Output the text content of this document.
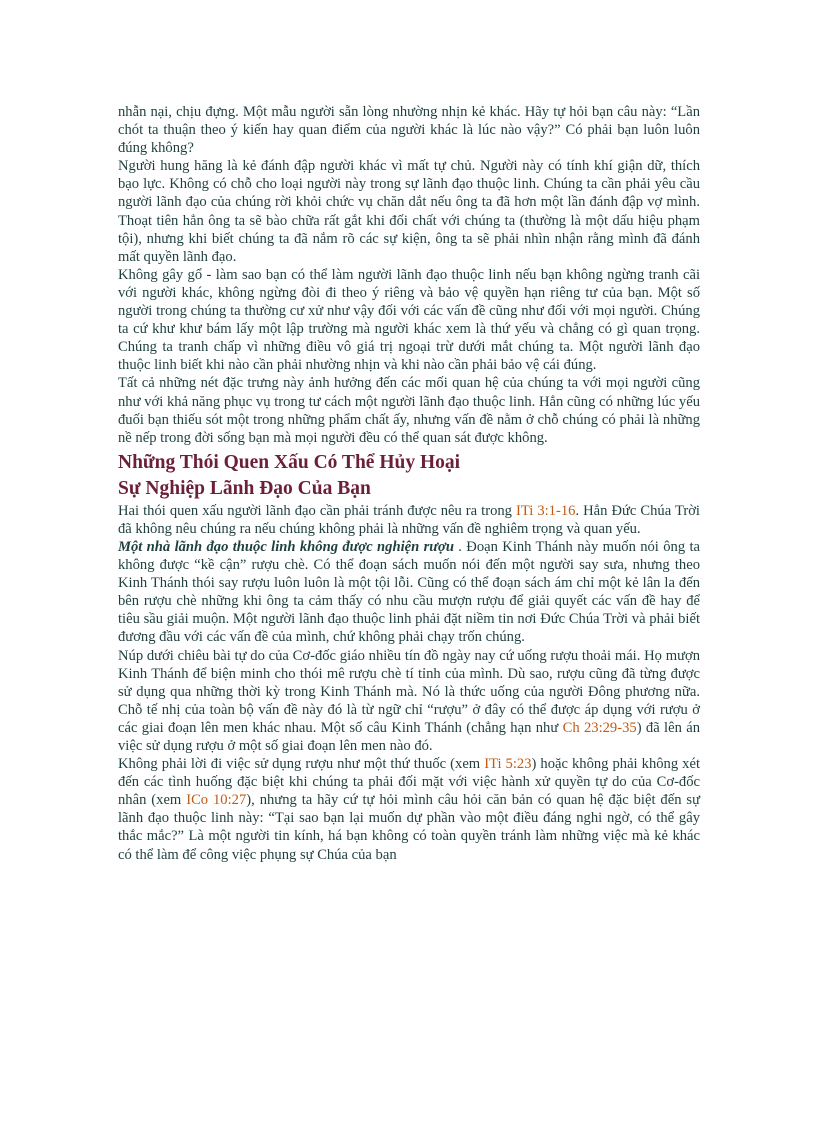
nhẫn nại, chịu đựng. Một mẫu người sẵn lòng nhường nhịn kẻ khác. Hãy tự hỏi bạn câu này: “Lần chót ta thuận theo ý kiến hay quan điểm của người khác là lúc nào vậy?” Có phải bạn luôn luôn đúng không?

Người hung hăng là kẻ đánh đập người khác vì mất tự chủ. Người này có tính khí giận dữ, thích bạo lực. Không có chỗ cho loại người này trong sự lãnh đạo thuộc linh. Chúng ta cần phải yêu cầu người lãnh đạo của chúng rời khỏi chức vụ chăn dắt nếu ông ta đã hơn một lần đánh đập vợ mình. Thoạt tiên hẳn ông ta sẽ bào chữa rất gắt khi đối chất với chúng ta (thường là một dấu hiệu phạm tội), nhưng khi biết chúng ta đã nắm rõ các sự kiện, ông ta sẽ phải nhìn nhận rằng mình đã đánh mất quyền lãnh đạo.

Không gây gổ - làm sao bạn có thể làm người lãnh đạo thuộc linh nếu bạn không ngừng tranh cãi với người khác, không ngừng đòi đi theo ý riêng và bảo vệ quyền hạn riêng tư của bạn. Một số người trong chúng ta thường cư xử như vậy đối với các vấn đề cũng như đối với mọi người. Chúng ta cứ khư khư bám lấy một lập trường mà người khác xem là thứ yếu và chẳng có gì quan trọng. Chúng ta tranh chấp vì những điều vô giá trị ngoại trừ dưới mắt chúng ta. Một người lãnh đạo thuộc linh biết khi nào cần phải nhường nhịn và khi nào cần phải bảo vệ cái đúng.

Tất cả những nét đặc trưng này ảnh hưởng đến các mối quan hệ của chúng ta với mọi người cũng như với khả năng phục vụ trong tư cách một người lãnh đạo thuộc linh. Hẳn cũng có những lúc yếu đuối bạn thiếu sót một trong những phẩm chất ấy, nhưng vấn đề nằm ở chỗ chúng có phải là những nề nếp trong đời sống bạn mà mọi người đều có thể quan sát được không.

Những Thói Quen Xấu Có Thể Hủy Hoại
Sự Nghiệp Lãnh Đạo Của Bạn

Hai thói quen xấu người lãnh đạo cần phải tránh được nêu ra trong ITi 3:1-16. Hẳn Đức Chúa Trời đã không nêu chúng ra nếu chúng không phải là những vấn đề nghiêm trọng và quan yếu.

Một nhà lãnh đạo thuộc linh không được nghiện rượu . Đoạn Kinh Thánh này muốn nói ông ta không được “kề cận” rượu chè. Có thể đoạn sách muốn nói đến một người say sưa, nhưng theo Kinh Thánh thói say rượu luôn luôn là một tội lỗi. Cũng có thể đoạn sách ám chỉ một kẻ lân la đến bên rượu chè những khi ông ta cảm thấy có nhu cầu mượn rượu để giải quyết các vấn đề hay để tiêu sầu giải muộn. Một người lãnh đạo thuộc linh phải đặt niềm tin nơi Đức Chúa Trời và phải biết đương đầu với các vấn đề của mình, chứ không phải chạy trốn chúng.

Núp dưới chiêu bài tự do của Cơ-đốc giáo nhiều tín đồ ngày nay cứ uống rượu thoải mái. Họ mượn Kinh Thánh để biện minh cho thói mê rượu chè tí tỉnh của mình. Dù sao, rượu cũng đã từng được sử dụng qua những thời kỳ trong Kinh Thánh mà. Nó là thức uống của người Đông phương nữa. Chỗ tế nhị của toàn bộ vấn đề này đó là từ ngữ chỉ “rượu” ở đây có thể được áp dụng với rượu ở các giai đoạn lên men khác nhau. Một số câu Kinh Thánh (chẳng hạn như Ch 23:29-35) đã lên án việc sử dụng rượu ở một số giai đoạn lên men nào đó.

Không phải lời đi việc sử dụng rượu như một thứ thuốc (xem ITi 5:23) hoặc không phải không xét đến các tình huống đặc biệt khi chúng ta phải đối mặt với việc hành xử quyền tự do của Cơ-đốc nhân (xem ICo 10:27), nhưng ta hãy cứ tự hỏi mình câu hỏi căn bản có quan hệ đặc biệt đến sự lãnh đạo thuộc linh này: “Tại sao bạn lại muốn dự phần vào một điều đáng nghi ngờ, có thể gây thắc mắc?” Là một người tin kính, há bạn không có toàn quyền tránh làm những việc mà kẻ khác có thể làm để công việc phụng sự Chúa của bạn
